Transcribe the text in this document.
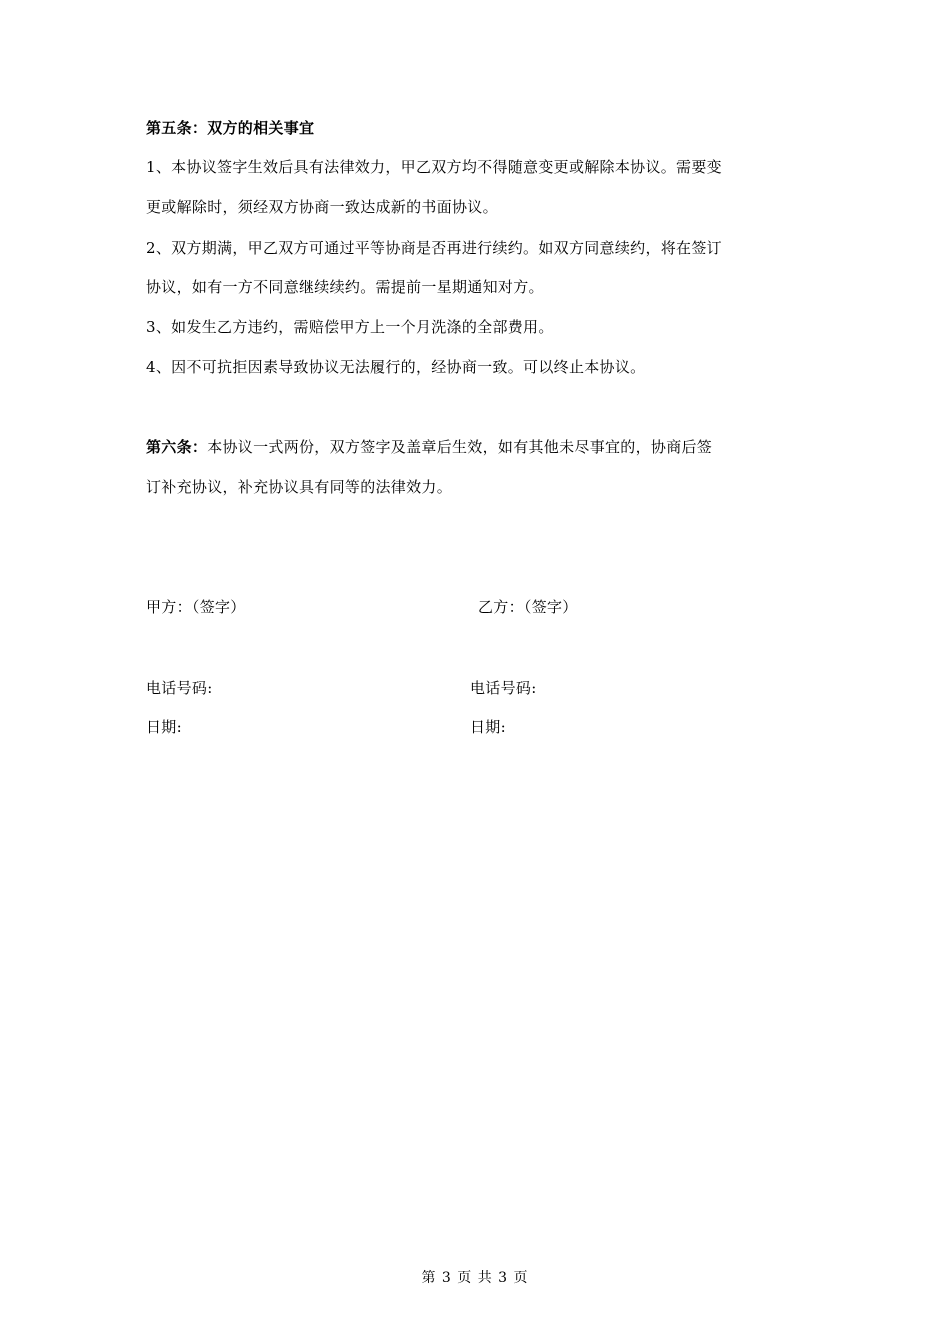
第五条：双方的相关事宜
1、本协议签字生效后具有法律效力，甲乙双方均不得随意变更或解除本协议。需要变
更或解除时，须经双方协商一致达成新的书面协议。
2、双方期满，甲乙双方可通过平等协商是否再进行续约。如双方同意续约，将在签订
协议，如有一方不同意继续续约。需提前一星期通知对方。
3、如发生乙方违约，需赔偿甲方上一个月洗涤的全部费用。
4、因不可抗拒因素导致协议无法履行的，经协商一致。可以终止本协议。
第六条：本协议一式两份，双方签字及盖章后生效，如有其他未尽事宜的，协商后签
订补充协议，补充协议具有同等的法律效力。
甲方：（签字）	乙方：（签字）
电话号码:	电话号码:
日期:	日期:
第 3 页 共 3 页
